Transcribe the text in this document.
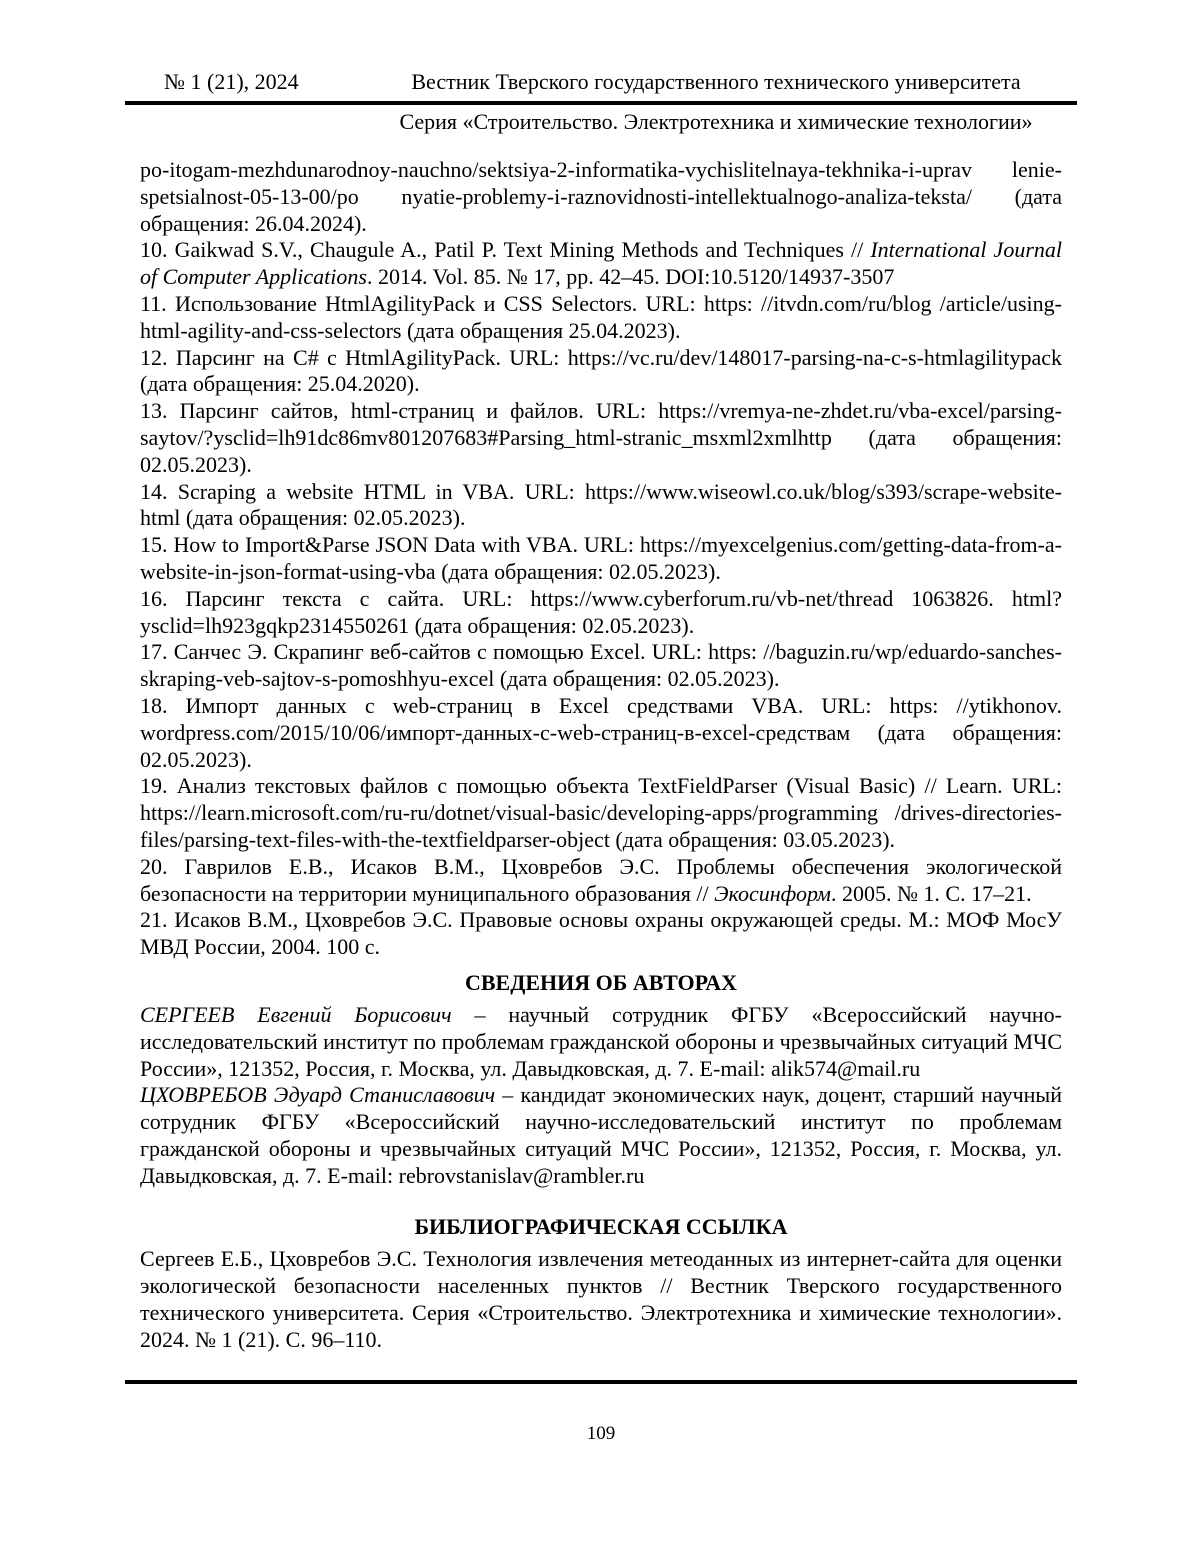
№ 1 (21), 2024	Вестник Тверского государственного технического университета
Серия «Строительство. Электротехника и химические технологии»

po-itogam-mezhdunarodnoy-nauchno/sektsiya-2-informatika-vychislitelnaya-tekhnika-i-uprav lenie-spetsialnost-05-13-00/po nyatie-problemy-i-raznovidnosti-intellektualnogo-analiza-teksta/ (дата обращения: 26.04.2024).

10. Gaikwad S.V., Chaugule A., Patil P. Text Mining Methods and Techniques // International Journal of Computer Applications. 2014. Vol. 85. № 17, pp. 42–45. DOI:10.5120/14937-3507

11. Использование HtmlAgilityPack и CSS Selectors. URL: https: //itvdn.com/ru/blog /article/using-html-agility-and-css-selectors (дата обращения 25.04.2023).

12. Парсинг на C# с HtmlAgilityPack. URL: https://vc.ru/dev/148017-parsing-na-c-s-htmlagilitypack (дата обращения: 25.04.2020).

13. Парсинг сайтов, html-страниц и файлов. URL: https://vremya-ne-zhdet.ru/vba-excel/parsing-saytov/?ysclid=lh91dc86mv801207683#Parsing_html-stranic_msxml2xmlhttp (дата обращения: 02.05.2023).

14. Scraping a website HTML in VBA. URL: https://www.wiseowl.co.uk/blog/s393/scrape-website-html (дата обращения: 02.05.2023).

15. How to Import&Parse JSON Data with VBA. URL: https://myexcelgenius.com/getting-data-from-a-website-in-json-format-using-vba (дата обращения: 02.05.2023).

16. Парсинг текста с сайта. URL: https://www.cyberforum.ru/vb-net/thread 1063826. html?ysclid=lh923gqkp2314550261 (дата обращения: 02.05.2023).

17. Санчес Э. Скрапинг веб-сайтов с помощью Excel. URL: https: //baguzin.ru/wp/eduardo-sanches-skraping-veb-sajtov-s-pomoshhyu-excel (дата обращения: 02.05.2023).

18. Импорт данных с web-страниц в Excel средствами VBA. URL: https: //ytikhonov. wordpress.com/2015/10/06/импорт-данных-с-web-страниц-в-excel-средствам (дата обращения: 02.05.2023).

19. Анализ текстовых файлов с помощью объекта TextFieldParser (Visual Basic) // Learn. URL: https://learn.microsoft.com/ru-ru/dotnet/visual-basic/developing-apps/programming /drives-directories-files/parsing-text-files-with-the-textfieldparser-object (дата обращения: 03.05.2023).

20. Гаврилов Е.В., Исаков В.М., Цховребов Э.С. Проблемы обеспечения экологической безопасности на территории муниципального образования // Экосинформ. 2005. № 1. С. 17–21.

21. Исаков В.М., Цховребов Э.С. Правовые основы охраны окружающей среды. М.: МОФ МосУ МВД России, 2004. 100 с.

СВЕДЕНИЯ ОБ АВТОРАХ

СЕРГЕЕВ Евгений Борисович – научный сотрудник ФГБУ «Всероссийский научно-исследовательский институт по проблемам гражданской обороны и чрезвычайных ситуаций МЧС России», 121352, Россия, г. Москва, ул. Давыдковская, д. 7. E-mail: alik574@mail.ru

ЦХОВРЕБОВ Эдуард Станиславович – кандидат экономических наук, доцент, старший научный сотрудник ФГБУ «Всероссийский научно-исследовательский институт по проблемам гражданской обороны и чрезвычайных ситуаций МЧС России», 121352, Россия, г. Москва, ул. Давыдковская, д. 7. E-mail: rebrovstanislav@rambler.ru

БИБЛИОГРАФИЧЕСКАЯ ССЫЛКА

Сергеев Е.Б., Цховребов Э.С. Технология извлечения метеоданных из интернет-сайта для оценки экологической безопасности населенных пунктов // Вестник Тверского государственного технического университета. Серия «Строительство. Электротехника и химические технологии». 2024. № 1 (21). С. 96–110.

109
